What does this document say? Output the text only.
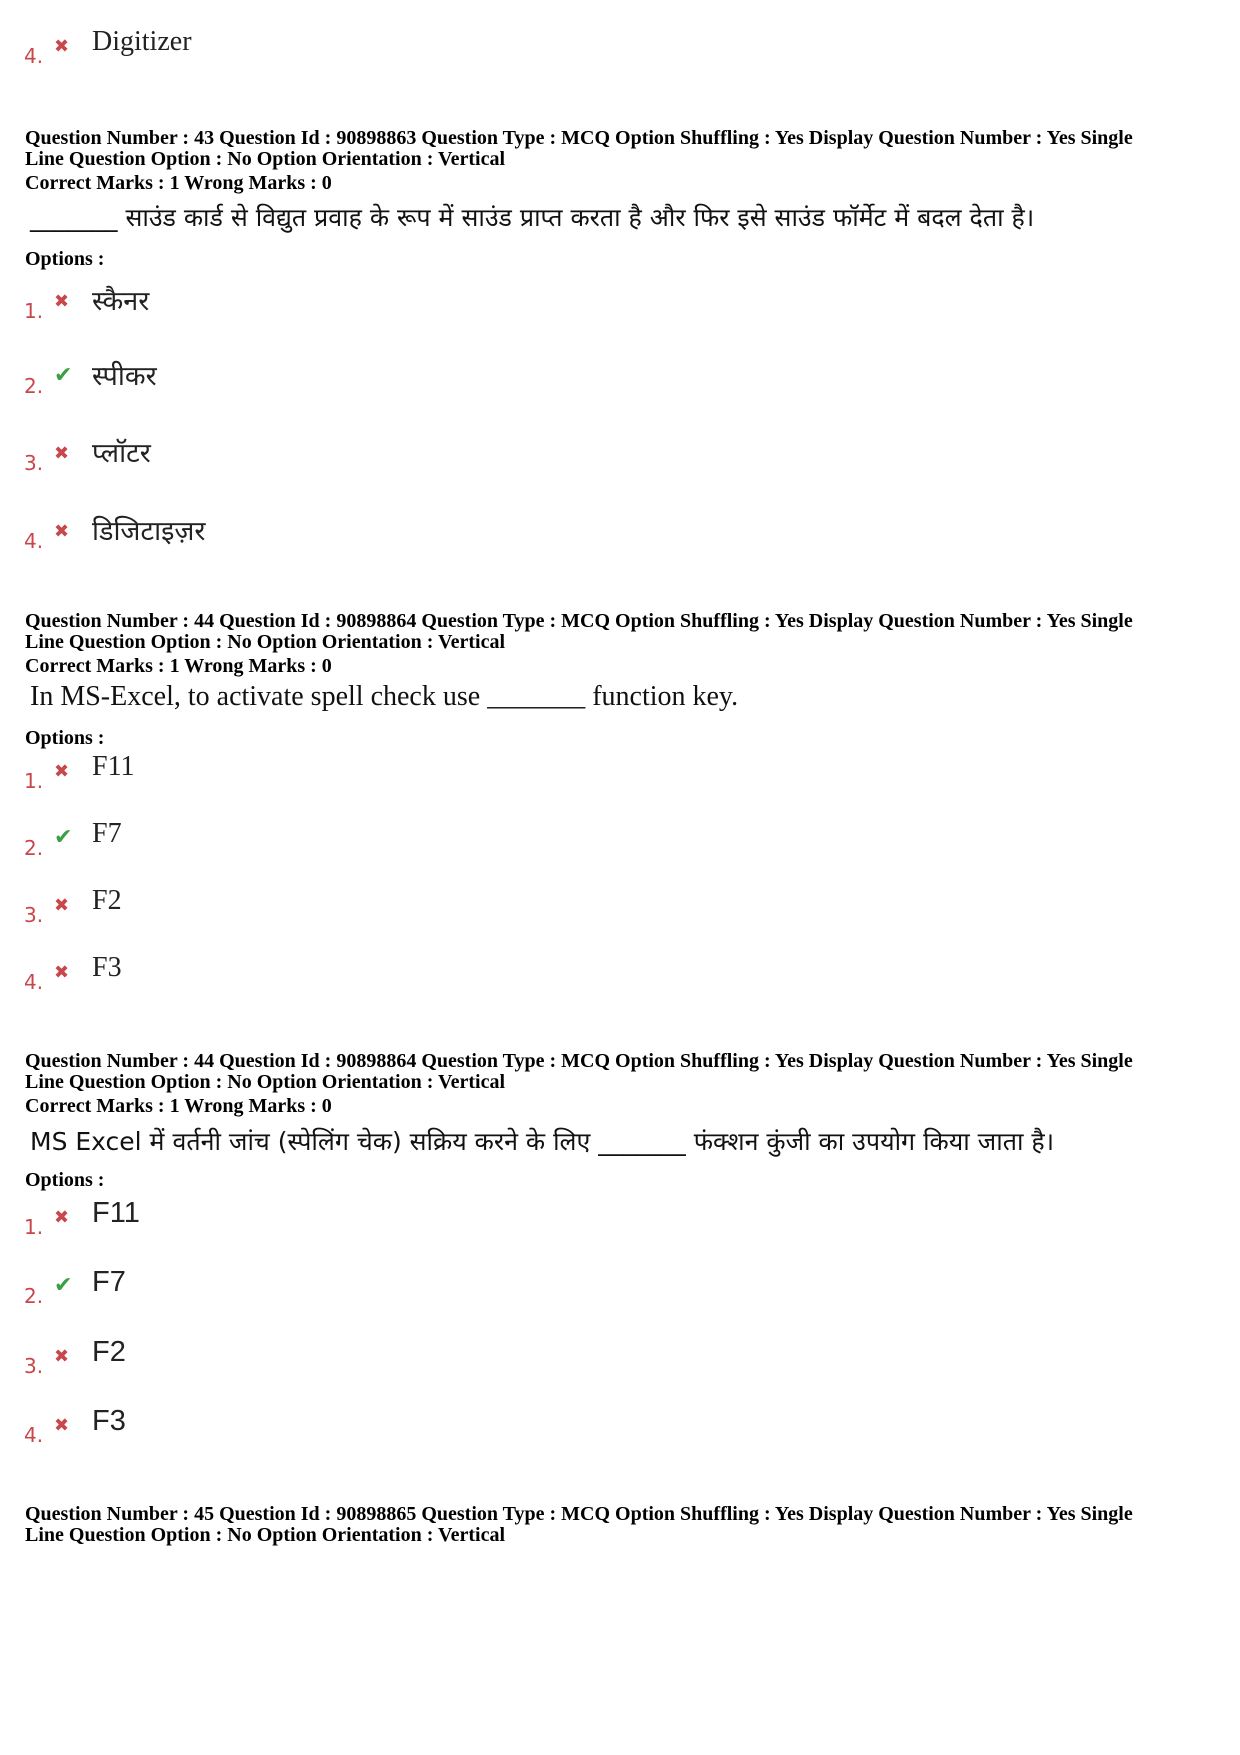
4. ✖ Digitizer
Question Number : 43 Question Id : 90898863 Question Type : MCQ Option Shuffling : Yes Display Question Number : Yes Single
Line Question Option : No Option Orientation : Vertical
Correct Marks : 1 Wrong Marks : 0
_______ साउंड कार्ड से विद्युत प्रवाह के रूप में साउंड प्राप्त करता है और फिर इसे साउंड फॉर्मेट में बदल देता है।
Options :
1. ✖ स्कैनर
2. ✔ स्पीकर
3. ✖ प्लॉटर
4. ✖ डिजिटाइज़र
Question Number : 44 Question Id : 90898864 Question Type : MCQ Option Shuffling : Yes Display Question Number : Yes Single
Line Question Option : No Option Orientation : Vertical
Correct Marks : 1 Wrong Marks : 0
In MS-Excel, to activate spell check use _______ function key.
Options :
1. ✖ F11
2. ✔ F7
3. ✖ F2
4. ✖ F3
Question Number : 44 Question Id : 90898864 Question Type : MCQ Option Shuffling : Yes Display Question Number : Yes Single
Line Question Option : No Option Orientation : Vertical
Correct Marks : 1 Wrong Marks : 0
MS Excel में वर्तनी जांच (स्पेलिंग चेक) सक्रिय करने के लिए _______ फंक्शन कुंजी का उपयोग किया जाता है।
Options :
1. ✖ F11
2. ✔ F7
3. ✖ F2
4. ✖ F3
Question Number : 45 Question Id : 90898865 Question Type : MCQ Option Shuffling : Yes Display Question Number : Yes Single
Line Question Option : No Option Orientation : Vertical
